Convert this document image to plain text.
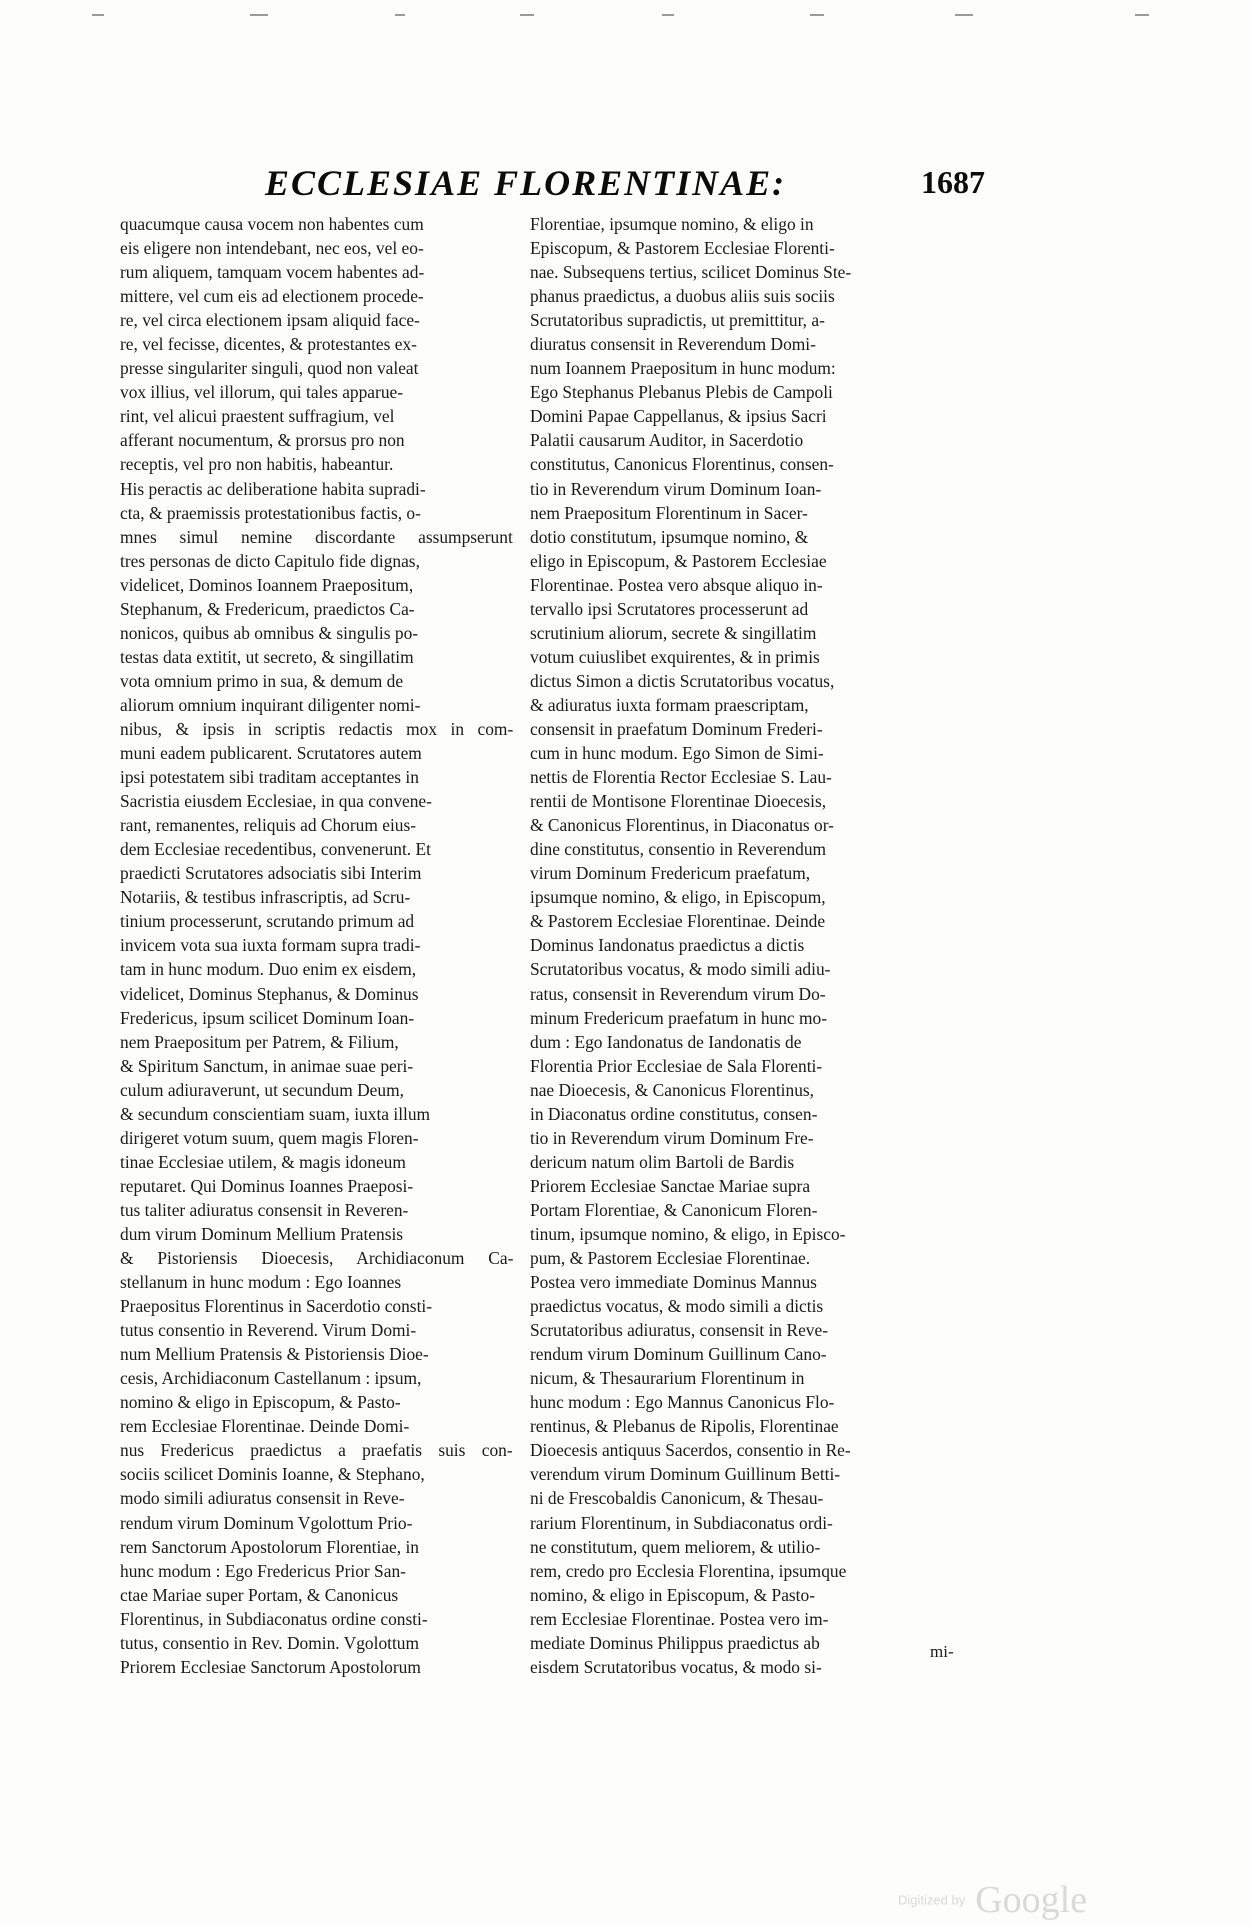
ECCLESIAE FLORENTINAE:	1687
quacumque causa vocem non habentes cum
eis eligere non intendebant, nec eos, vel eo-
rum aliquem, tamquam vocem habentes ad-
mittere, vel cum eis ad electionem procede-
re, vel circa electionem ipsam aliquid face-
re, vel fecisse, dicentes, & protestantes ex-
presse singulariter singuli, quod non valeat
vox illius, vel illorum, qui tales apparue-
rint, vel alicui praestent suffragium, vel
afferant nocumentum, & prorsus pro non
receptis, vel pro non habitis, habeantur.
His peractis ac deliberatione habita supradi-
cta, & praemissis protestationibus factis, o-
mnes simul nemine discordante assumpserunt
tres personas de dicto Capitulo fide dignas,
videlicet, Dominos Ioannem Praepositum,
Stephanum, & Fredericum, praedictos Ca-
nonicos, quibus ab omnibus & singulis po-
testas data extitit, ut secreto, & singillatim
vota omnium primo in sua, & demum de
aliorum omnium inquirant diligenter nomi-
nibus, & ipsis in scriptis redactis mox in com-
muni eadem publicarent. Scrutatores autem
ipsi potestatem sibi traditam acceptantes in
Sacristia eiusdem Ecclesiae, in qua convene-
rant, remanentes, reliquis ad Chorum eius-
dem Ecclesiae recedentibus, convenerunt. Et
praedicti Scrutatores adsociatis sibi Interim
Notariis, & testibus infrascriptis, ad Scru-
tinium processerunt, scrutando primum ad
invicem vota sua iuxta formam supra tradi-
tam in hunc modum. Duo enim ex eisdem,
videlicet, Dominus Stephanus, & Dominus
Fredericus, ipsum scilicet Dominum Ioan-
nem Praepositum per Patrem, & Filium,
& Spiritum Sanctum, in animae suae peri-
culum adiuraverunt, ut secundum Deum,
& secundum conscientiam suam, iuxta illum
dirigeret votum suum, quem magis Floren-
tinae Ecclesiae utilem, & magis idoneum
reputaret. Qui Dominus Ioannes Praeposi-
tus taliter adiuratus consensit in Reveren-
dum virum Dominum Mellium Pratensis
& Pistoriensis Dioecesis, Archidiaconum Ca-
stellanum in hunc modum : Ego Ioannes
Praepositus Florentinus in Sacerdotio consti-
tutus consentio in Reverend. Virum Domi-
num Mellium Pratensis & Pistoriensis Dioe-
cesis, Archidiaconum Castellanum : ipsum,
nomino & eligo in Episcopum, & Pasto-
rem Ecclesiae Florentinae. Deinde Domi-
nus Fredericus praedictus a praefatis suis con-
sociis scilicet Dominis Ioanne, & Stephano,
modo simili adiuratus consensit in Reve-
rendum virum Dominum Vgolottum Prio-
rem Sanctorum Apostolorum Florentiae, in
hunc modum : Ego Fredericus Prior San-
ctae Mariae super Portam, & Canonicus
Florentinus, in Subdiaconatus ordine consti-
tutus, consentio in Rev. Domin. Vgolottum
Priorem Ecclesiae Sanctorum Apostolorum
Florentiae, ipsumque nomino, & eligo in
Episcopum, & Pastorem Ecclesiae Florenti-
nae. Subsequens tertius, scilicet Dominus Ste-
phanus praedictus, a duobus aliis suis sociis
Scrutatoribus supradictis, ut premittitur, a-
diuratus consensit in Reverendum Domi-
num Ioannem Praepositum in hunc modum:
Ego Stephanus Plebanus Plebis de Campoli
Domini Papae Cappellanus, & ipsius Sacri
Palatii causarum Auditor, in Sacerdotio
constitutus, Canonicus Florentinus, consen-
tio in Reverendum virum Dominum Ioan-
nem Praepositum Florentinum in Sacer-
dotio constitutum, ipsumque nomino, &
eligo in Episcopum, & Pastorem Ecclesiae
Florentinae. Postea vero absque aliquo in-
tervallo ipsi Scrutatores processerunt ad
scrutinium aliorum, secrete & singillatim
votum cuiuslibet exquirentes, & in primis
dictus Simon a dictis Scrutatoribus vocatus,
& adiuratus iuxta formam praescriptam,
consensit in praefatum Dominum Frederi-
cum in hunc modum. Ego Simon de Simi-
nettis de Florentia Rector Ecclesiae S. Lau-
rentii de Montisone Florentinae Dioecesis,
& Canonicus Florentinus, in Diaconatus or-
dine constitutus, consentio in Reverendum
virum Dominum Fredericum praefatum,
ipsumque nomino, & eligo, in Episcopum,
& Pastorem Ecclesiae Florentinae. Deinde
Dominus Iandonatus praedictus a dictis
Scrutatoribus vocatus, & modo simili adiu-
ratus, consensit in Reverendum virum Do-
minum Fredericum praefatum in hunc mo-
dum : Ego Iandonatus de Iandonatis de
Florentia Prior Ecclesiae de Sala Florenti-
nae Dioecesis, & Canonicus Florentinus,
in Diaconatus ordine constitutus, consen-
tio in Reverendum virum Dominum Fre-
dericum natum olim Bartoli de Bardis
Priorem Ecclesiae Sanctae Mariae supra
Portam Florentiae, & Canonicum Floren-
tinum, ipsumque nomino, & eligo, in Episco-
pum, & Pastorem Ecclesiae Florentinae.
Postea vero immediate Dominus Mannus
praedictus vocatus, & modo simili a dictis
Scrutatoribus adiuratus, consensit in Reve-
rendum virum Dominum Guillinum Cano-
nicum, & Thesaurarium Florentinum in
hunc modum : Ego Mannus Canonicus Flo-
rentinus, & Plebanus de Ripolis, Florentinae
Dioecesis antiquus Sacerdos, consentio in Re-
verendum virum Dominum Guillinum Betti-
ni de Frescobaldis Canonicum, & Thesau-
rarium Florentinum, in Subdiaconatus ordi-
ne constitutum, quem meliorem, & utilio-
rem, credo pro Ecclesia Florentina, ipsumque
nomino, & eligo in Episcopum, & Pasto-
rem Ecclesiae Florentinae. Postea vero im-
mediate Dominus Philippus praedictus ab
eisdem Scrutatoribus vocatus, & modo si-
mi-
Digitized by Google
